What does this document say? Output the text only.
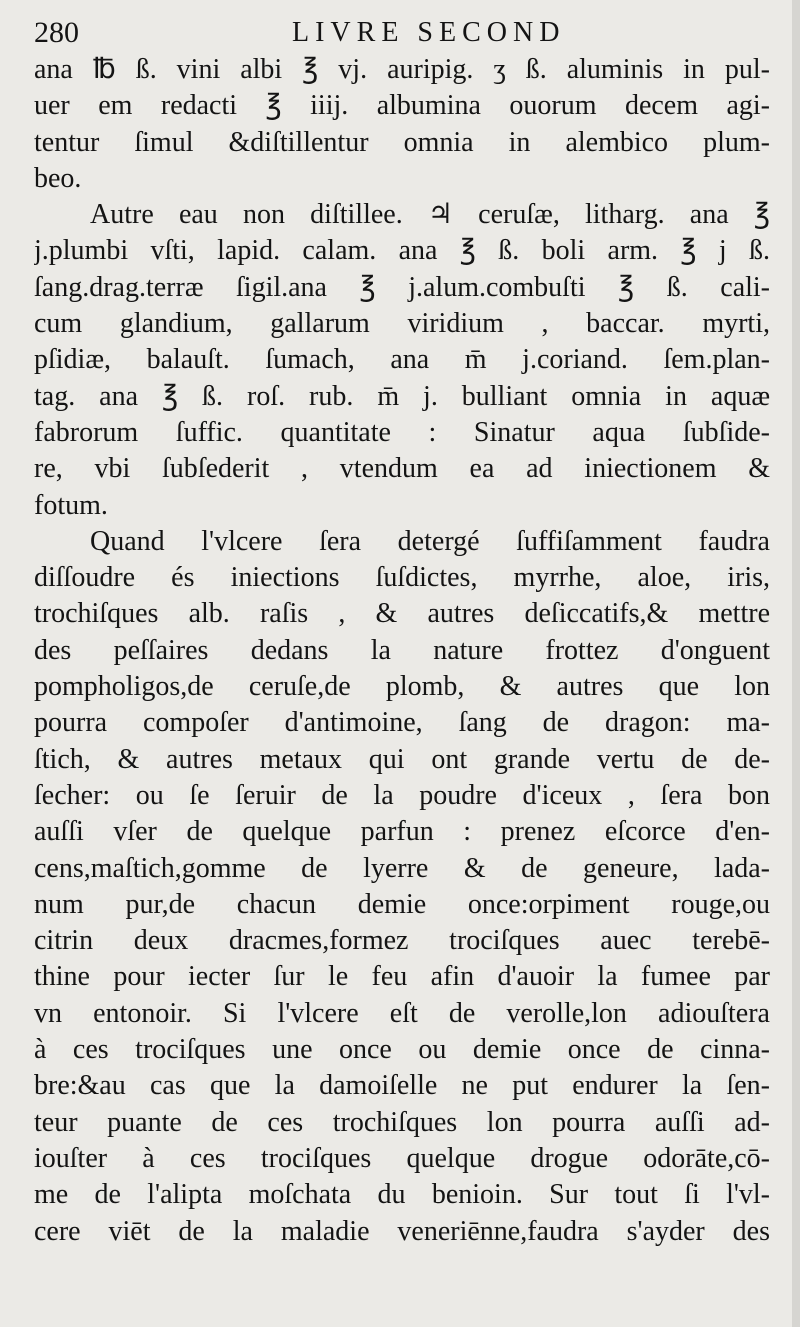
280	LIVRE SECOND
ana ℔ ß. vini albi ℥ vj. auripig. ʒ ß. aluminis in pul-
uer em redacti ℥ iiij. albumina ouorum decem agi-
tentur ſimul &diſtillentur omnia in alembico plum-
beo.
Autre eau non diſtillee. ♃ ceruſæ, litharg. ana ℥
j.plumbi vſti, lapid. calam. ana ℥ ß. boli arm. ℥ j ß.
ſang.drag.terræ ſigil.ana ℥ j.alum.combuſti ℥ ß. cali-
cum glandium, gallarum viridium , baccar. myrti,
pſidiæ, balauſt. ſumach, ana m̄ j.coriand. ſem.plan-
tag. ana ℥ ß. roſ. rub. m̄ j. bulliant omnia in aquæ
fabrorum ſuffic. quantitate : Sinatur aqua ſubſide-
re, vbi ſubſederit , vtendum ea ad iniectionem &
fotum.
Quand l'vlcere ſera detergé ſuffiſamment faudra
diſſoudre és iniections ſuſdictes, myrrhe, aloe, iris,
trochiſques alb. raſis , & autres deſiccatifs,& mettre
des peſſaires dedans la nature frottez d'onguent
pompholigos,de ceruſe,de plomb, & autres que lon
pourra compoſer d'antimoine, ſang de dragon: ma-
ſtich, & autres metaux qui ont grande vertu de de-
ſecher: ou ſe ſeruir de la poudre d'iceux , ſera bon
auſſi vſer de quelque parfun : prenez eſcorce d'en-
cens,maſtich,gomme de lyerre & de geneure, lada-
num pur,de chacun demie once:orpiment rouge,ou
citrin deux dracmes,formez trociſques auec terebē-
thine pour iecter ſur le feu afin d'auoir la fumee par
vn entonoir. Si l'vlcere eſt de verolle,lon adiouſtera
à ces trociſques une once ou demie once de cinna-
bre:&au cas que la damoiſelle ne put endurer la ſen-
teur puante de ces trochiſques lon pourra auſſi ad-
iouſter à ces trociſques quelque drogue odorāte,cō-
me de l'alipta moſchata du benioin. Sur tout ſi l'vl-
cere viēt de la maladie veneriēnne,faudra s'ayder des
